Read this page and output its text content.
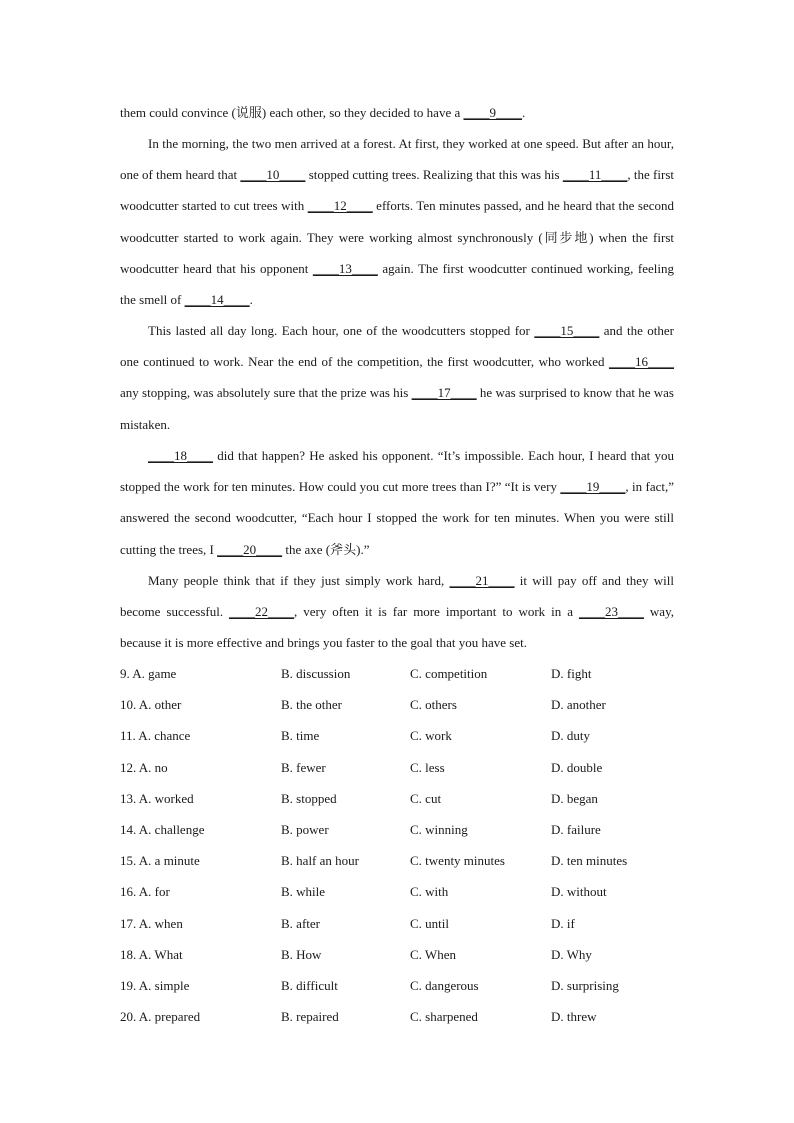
them could convince (说服) each other, so they decided to have a ____9____.

In the morning, the two men arrived at a forest. At first, they worked at one speed. But after an hour, one of them heard that ____10____ stopped cutting trees. Realizing that this was his ____11____, the first woodcutter started to cut trees with ____12____ efforts. Ten minutes passed, and he heard that the second woodcutter started to work again. They were working almost synchronously (同步地) when the first woodcutter heard that his opponent ____13____ again. The first woodcutter continued working, feeling the smell of ____14____.

This lasted all day long. Each hour, one of the woodcutters stopped for ____15____ and the other one continued to work. Near the end of the competition, the first woodcutter, who worked ____16____ any stopping, was absolutely sure that the prize was his ____17____ he was surprised to know that he was mistaken.

____18____ did that happen? He asked his opponent. “It’s impossible. Each hour, I heard that you stopped the work for ten minutes. How could you cut more trees than I?” “It is very ____19____, in fact,” answered the second woodcutter, “Each hour I stopped the work for ten minutes. When you were still cutting the trees, I ____20____ the axe (斧头).”

Many people think that if they just simply work hard, ____21____ it will pay off and they will become successful. ____22____, very often it is far more important to work in a ____23____ way, because it is more effective and brings you faster to the goal that you have set.

9. A. game	B. discussion	C. competition	D. fight
10. A. other	B. the other	C. others	D. another
11. A. chance	B. time	C. work	D. duty
12. A. no	B. fewer	C. less	D. double
13. A. worked	B. stopped	C. cut	D. began
14. A. challenge	B. power	C. winning	D. failure
15. A. a minute	B. half an hour	C. twenty minutes	D. ten minutes
16. A. for	B. while	C. with	D. without
17. A. when	B. after	C. until	D. if
18. A. What	B. How	C. When	D. Why
19. A. simple	B. difficult	C. dangerous	D. surprising
20. A. prepared	B. repaired	C. sharpened	D. threw
